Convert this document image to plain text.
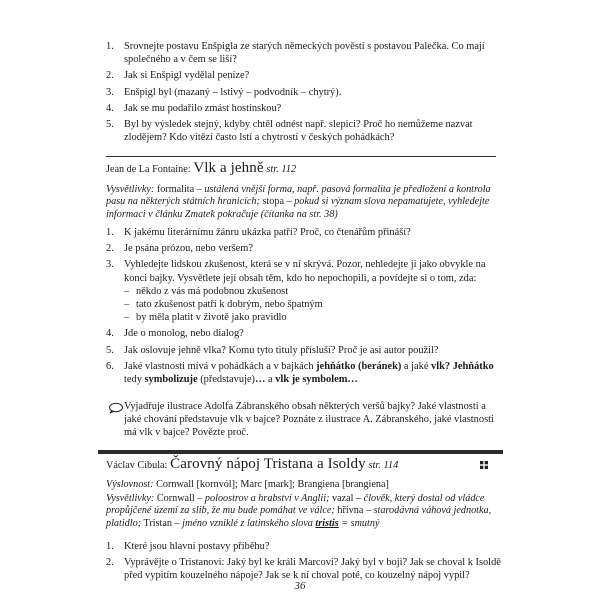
1. Srovnejte postavu Enšpigla ze starých německých pověstí s postavou Palečka. Co mají společného a v čem se liší?
2. Jak si Enšpigl vydělal peníze?
3. Enšpigl byl (mazaný – lstivý – podvodník – chytrý).
4. Jak se mu podařilo zmást hostinskou?
5. Byl by výsledek stejný, kdyby chtěl odnést např. slepici? Proč ho nemůžeme nazvat zlodějem? Kdo vítězí často lstí a chytrostí v českých pohádkách?
Jean de La Fontaine: Vlk a jehně str. 112
Vysvětlivky: formalita – ustálená vnější forma, např. pasová formalita je předložení a kontrola pasu na některých státních hranicích; stopa – pokud si význam slova nepamatujete, vyhledejte informaci v článku Zmatek pokračuje (čítanka na str. 38)
1. K jakému literárnímu žánru ukázka patří? Proč, co čtenářům přináší?
2. Je psána prózou, nebo veršem?
3. Vyhledejte lidskou zkušenost, která se v ní skrývá. Pozor, nehledejte ji jako obvykle na konci bajky. Vysvětlete její obsah těm, kdo ho nepochopili, a povídejte si o tom, zda:
– někdo z vás má podobnou zkušenost
– tato zkušenost patří k dobrým, nebo špatným
– by měla platit v životě jako pravidlo
4. Jde o monolog, nebo dialog?
5. Jak oslovuje jehně vlka? Komu tyto tituly přísluší? Proč je asi autor použil?
6. Jaké vlastnosti mívá v pohádkách a v bajkách jehňátko (beránek) a jaké vlk? Jehňátko tedy symbolizuje (představuje)… a vlk je symbolem…
Vyjadřuje ilustrace Adolfa Zábranského obsah některých veršů bajky? Jaké vlastnosti a jaké chování představuje vlk v bajce? Poznáte z ilustrace A. Zábranského, jaké vlastnosti má vlk v bajce? Povězte proč.
Václav Cibula: Čarovný nápoj Tristana a Isoldy str. 114
Výslovnost: Cornwall [kornvól]; Marc [mark]; Brangiena [brangiena]
Vysvětlivky: Cornwall – poloostrov a hrabství v Anglii; vazal – člověk, který dostal od vládce propůjčené území za slib, že mu bude pomáhat ve válce; hřivna – starodávná váhová jednotka, platidlo; Tristan – jméno vzniklé z latinského slova tristis = smutný
1. Které jsou hlavní postavy příběhu?
2. Vyprávějte o Tristanovi: Jaký byl ke králi Marcovi? Jaký byl v boji? Jak se choval k Isoldě před vypitím kouzelného nápoje? Jak se k ní choval poté, co kouzelný nápoj vypil?
36
